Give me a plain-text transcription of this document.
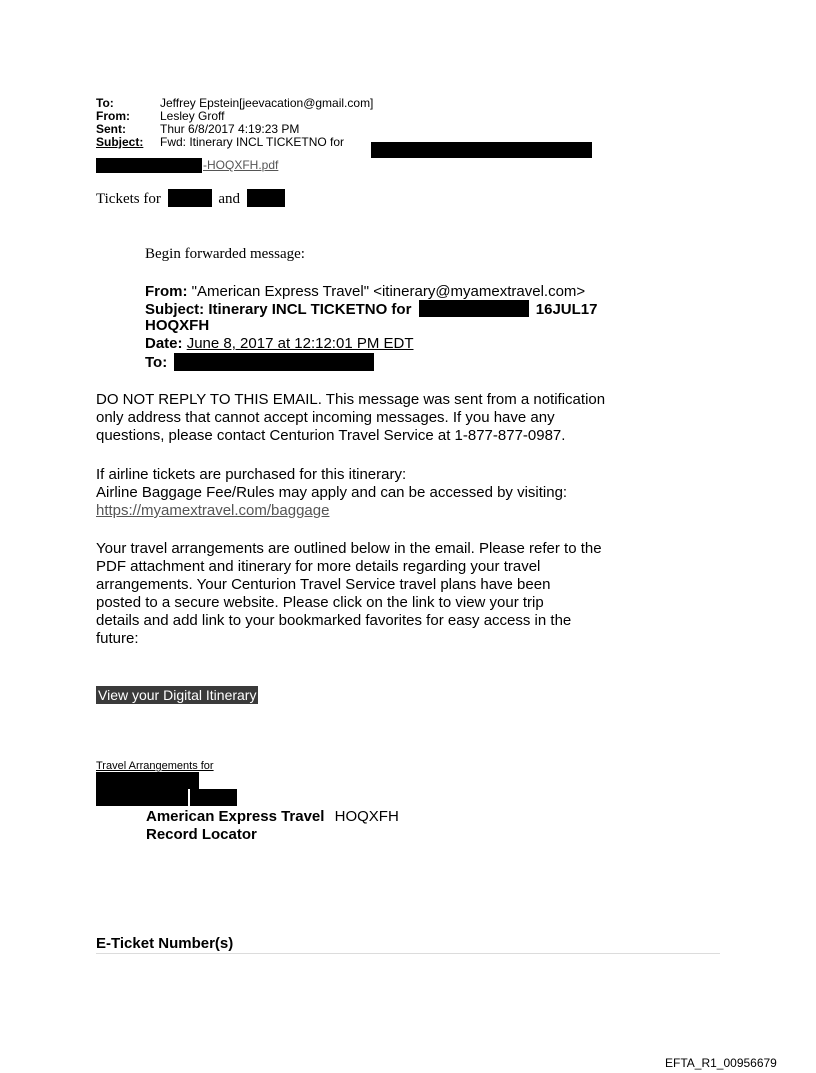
To:	Jeffrey Epstein[jeevacation@gmail.com]
From:	Lesley Groff
Sent:	Thur 6/8/2017 4:19:23 PM
Subject: Fwd: Itinerary INCL TICKETNO for
-HOQXFH.pdf
Tickets for	and
Begin forwarded message:
From: "American Express Travel" <itinerary@myamextravel.com>
Subject: Itinerary INCL TICKETNO for	16JUL17
HOQXFH
Date: June 8, 2017 at 12:12:01 PM EDT
To:
DO NOT REPLY TO THIS EMAIL. This message was sent from a notification
only address that cannot accept incoming messages. If you have any
questions, please contact Centurion Travel Service at 1-877-877-0987.
If airline tickets are purchased for this itinerary:
Airline Baggage Fee/Rules may apply and can be accessed by visiting:
https://myamextravel.com/baggage
Your travel arrangements are outlined below in the email. Please refer to the
PDF attachment and itinerary for more details regarding your travel
arrangements. Your Centurion Travel Service travel plans have been
posted to a secure website. Please click on the link to view your trip
details and add link to your bookmarked favorites for easy access in the
future:
View your Digital Itinerary
Travel Arrangements for
American Express Travel HOQXFH
Record Locator
E-Ticket Number(s)
EFTA_R1_00956679
